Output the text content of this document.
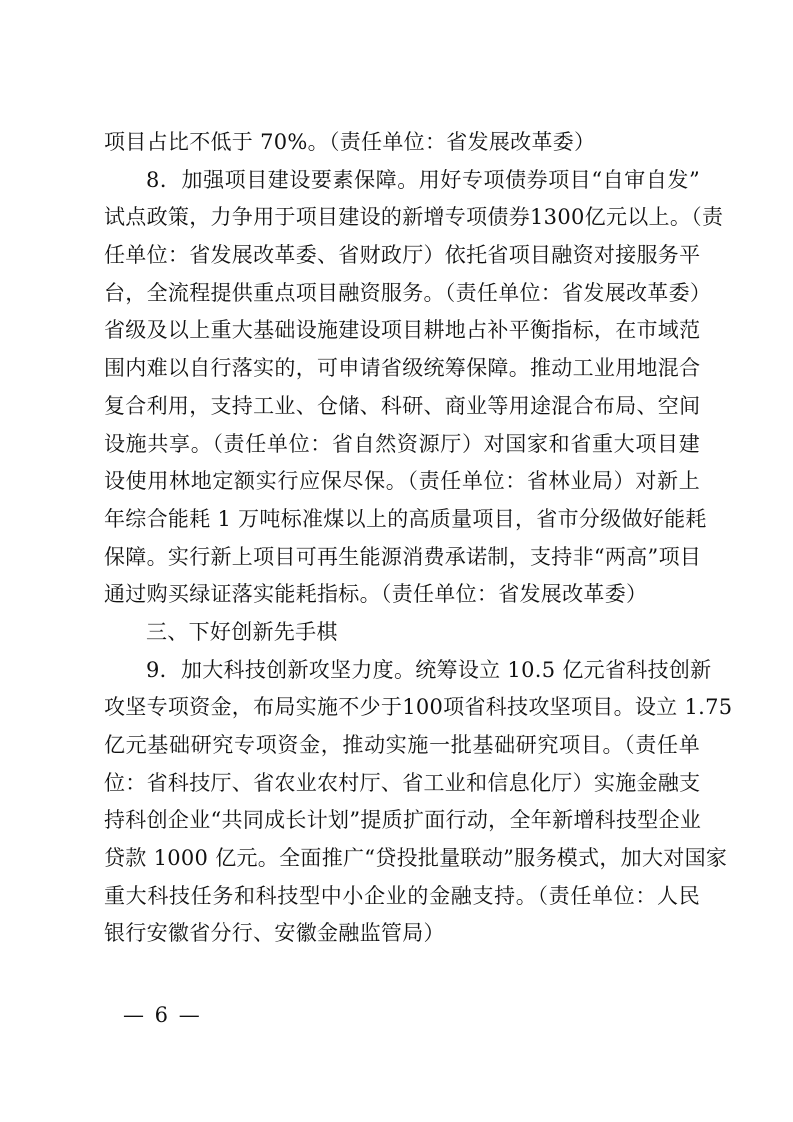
项目占比不低于 70%。（责任单位：省发展改革委）
8．加强项目建设要素保障。用好专项债券项目“自审自发”
试点政策，力争用于项目建设的新增专项债券1300亿元以上。（责
任单位：省发展改革委、省财政厅）依托省项目融资对接服务平
台，全流程提供重点项目融资服务。（责任单位：省发展改革委）
省级及以上重大基础设施建设项目耕地占补平衡指标，在市域范
围内难以自行落实的，可申请省级统筹保障。推动工业用地混合
复合利用，支持工业、仓储、科研、商业等用途混合布局、空间
设施共享。（责任单位：省自然资源厅）对国家和省重大项目建
设使用林地定额实行应保尽保。（责任单位：省林业局）对新上
年综合能耗 1 万吨标准煤以上的高质量项目，省市分级做好能耗
保障。实行新上项目可再生能源消费承诺制，支持非“两高”项目
通过购买绿证落实能耗指标。（责任单位：省发展改革委）
三、下好创新先手棋
9．加大科技创新攻坚力度。统筹设立 10.5 亿元省科技创新
攻坚专项资金，布局实施不少于100项省科技攻坚项目。设立 1.75
亿元基础研究专项资金，推动实施一批基础研究项目。（责任单
位：省科技厅、省农业农村厅、省工业和信息化厅）实施金融支
持科创企业“共同成长计划”提质扩面行动，全年新增科技型企业
贷款 1000 亿元。全面推广“贷投批量联动”服务模式，加大对国家
重大科技任务和科技型中小企业的金融支持。（责任单位：人民
银行安徽省分行、安徽金融监管局）
— 6 —
